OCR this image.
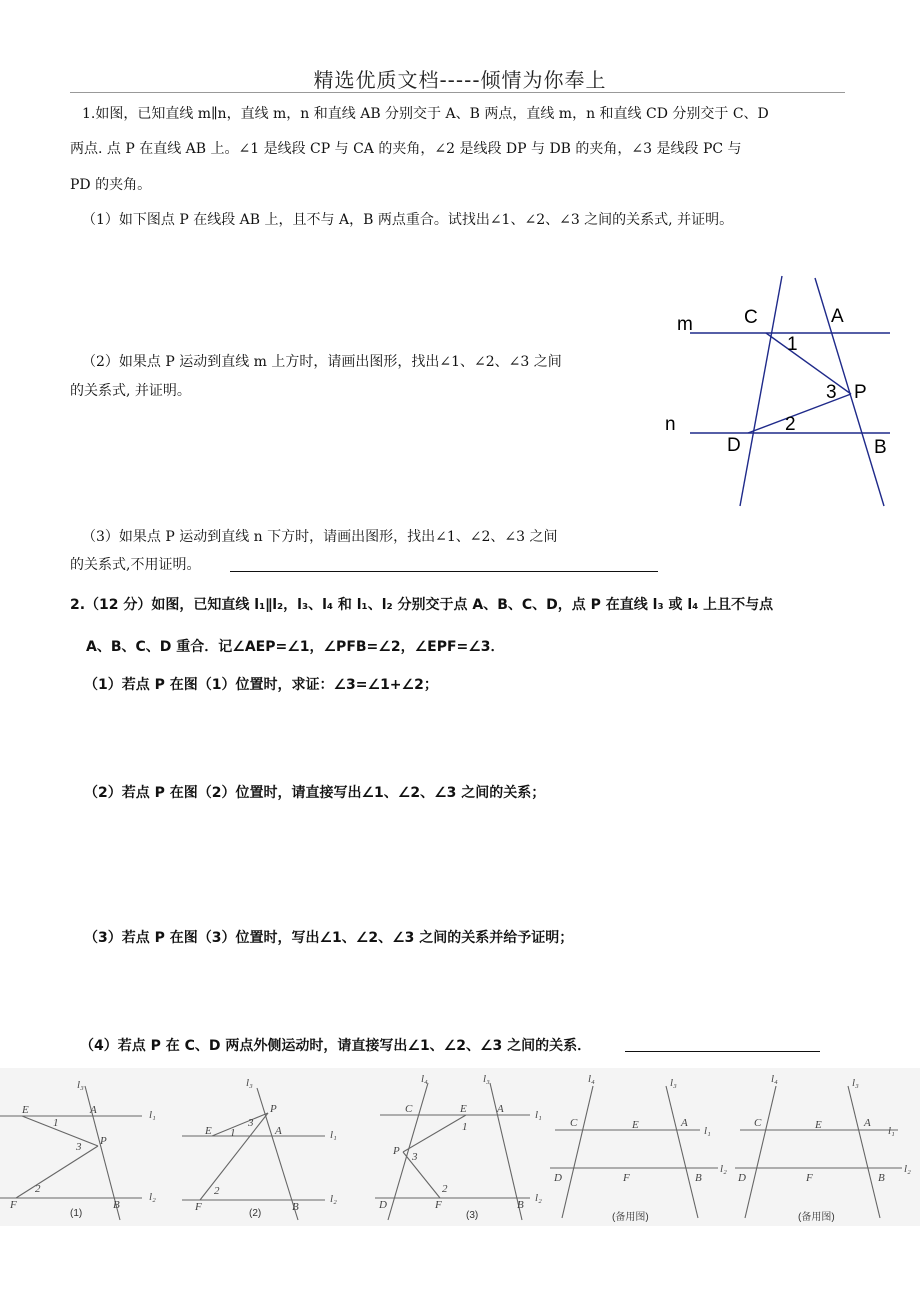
精选优质文档-----倾情为你奉上
1.如图，已知直线 m∥n，直线 m，n 和直线 AB 分别交于 A、B 两点，直线 m，n 和直线 CD 分别交于 C、D
两点. 点 P 在直线 AB 上。∠1 是线段 CP 与 CA 的夹角，∠2 是线段 DP 与 DB 的夹角，∠3 是线段 PC 与
PD 的夹角。
（1）如下图点 P 在线段 AB 上，且不与 A，B 两点重合。试找出∠1、∠2、∠3 之间的关系式, 并证明。
（2）如果点 P 运动到直线 m 上方时，请画出图形，找出∠1、∠2、∠3 之间
的关系式, 并证明。
（3）如果点 P 运动到直线 n 下方时，请画出图形，找出∠1、∠2、∠3 之间
的关系式,不用证明。
m	C	A
1
3 P
n	2
D	B
2.（12 分）如图，已知直线 l₁∥l₂，l₃、l₄ 和 l₁、l₂ 分别交于点 A、B、C、D，点 P 在直线 l₃ 或 l₄ 上且不与点
A、B、C、D 重合．记∠AEP=∠1，∠PFB=∠2，∠EPF=∠3．
（1）若点 P 在图（1）位置时，求证：∠3=∠1+∠2；
（2）若点 P 在图（2）位置时，请直接写出∠1、∠2、∠3 之间的关系；
（3）若点 P 在图（3）位置时，写出∠1、∠2、∠3 之间的关系并给予证明；
（4）若点 P 在 C、D 两点外侧运动时，请直接写出∠1、∠2、∠3 之间的关系．
l₃
l₁
l₂
E	A
1
3 P
2
F	B
(1)
l₃
l₁
l₂
P
3
E 1	A
2
F	B
(2)
l₄	l₃
l₁
l₂
C	E	A
1
P 3
2
D	F	B
(3)
l₄	l₃
l₁
l₂
C	E	A
D	F	B
(备用图)
l₄	l₃
l₁
l₂
C	E	A
D	F	B
(备用图)
